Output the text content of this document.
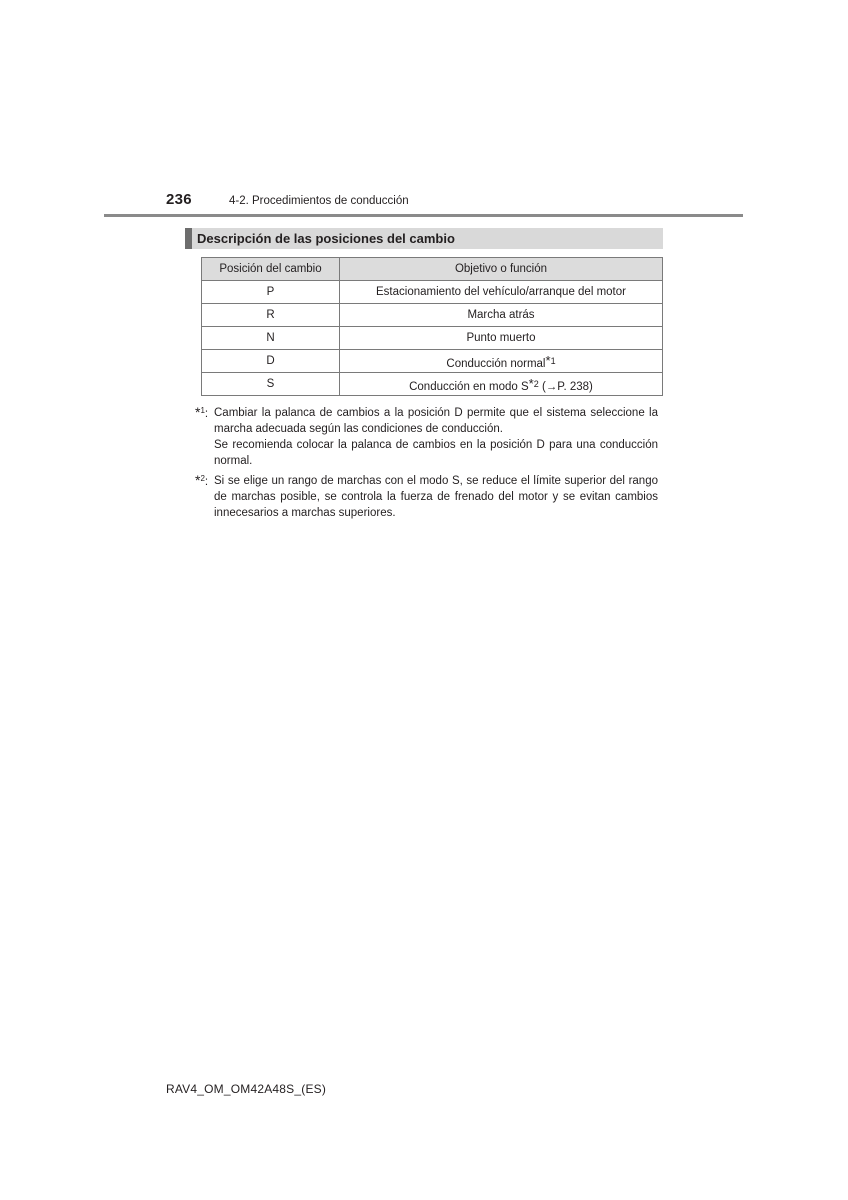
236	4-2. Procedimientos de conducción
Descripción de las posiciones del cambio
Posición del cambio	Objetivo o función
P	Estacionamiento del vehículo/arranque del motor
R	Marcha atrás
N	Punto muerto
D	Conducción normal$^{*1}$
S	Conducción en modo $S^{*2}$ (→P. 238)
*$^1$: Cambiar la palanca de cambios a la posición D permite que el sistema seleccione la marcha adecuada según las condiciones de conducción.

Se recomienda colocar la palanca de cambios en la posición D para una conducción normal.

*$^2$: Si se elige un rango de marchas con el modo S, se reduce el límite superior del rango de marchas posible, se controla la fuerza de frenado del motor y se evitan cambios innecesarios a marchas superiores.

RAV4_OM_OM42A48S_(ES)
